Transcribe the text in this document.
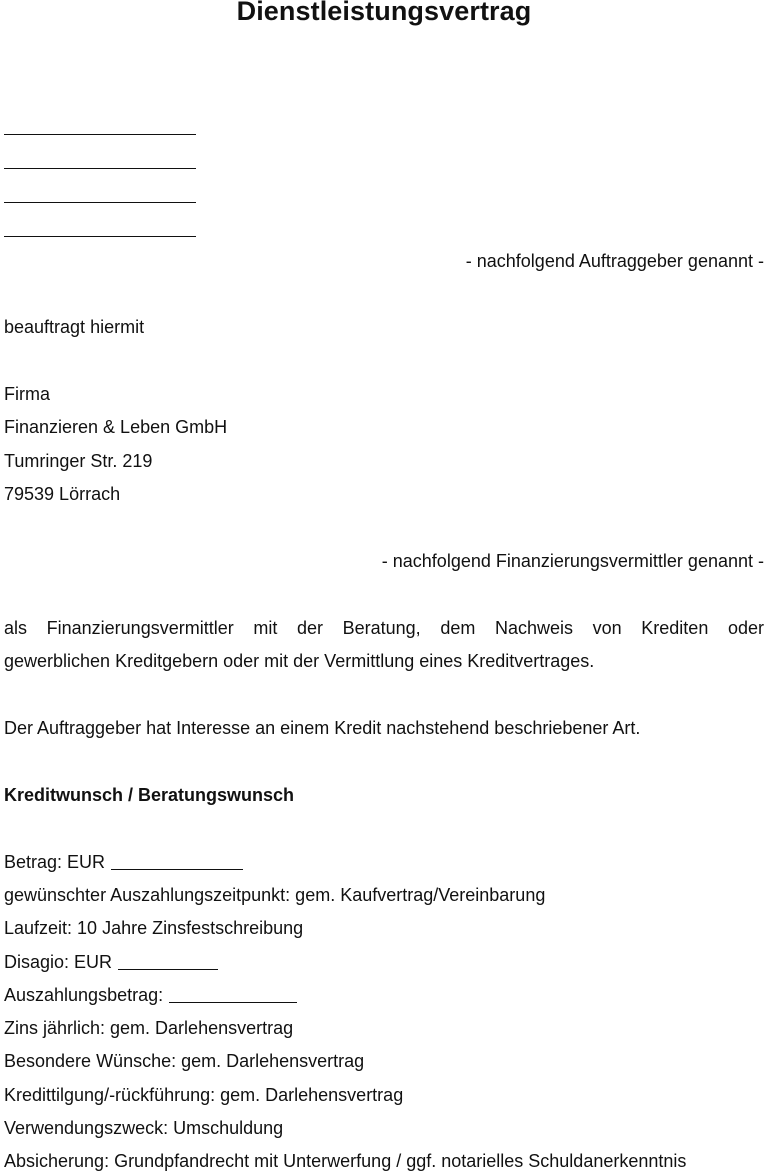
Dienstleistungsvertrag
- nachfolgend Auftraggeber genannt -
beauftragt hiermit
Firma
Finanzieren & Leben GmbH
Tumringer Str. 219
79539 Lörrach
- nachfolgend Finanzierungsvermittler genannt -
als Finanzierungsvermittler mit der Beratung, dem Nachweis von Krediten oder
gewerblichen Kreditgebern oder mit der Vermittlung eines Kreditvertrages.
Der Auftraggeber hat Interesse an einem Kredit nachstehend beschriebener Art.
Kreditwunsch / Beratungswunsch
Betrag: EUR
gewünschter Auszahlungszeitpunkt: gem. Kaufvertrag/Vereinbarung
Laufzeit: 10 Jahre Zinsfestschreibung
Disagio: EUR
Auszahlungsbetrag:
Zins jährlich: gem. Darlehensvertrag
Besondere Wünsche: gem. Darlehensvertrag
Kredittilgung/-rückführung: gem. Darlehensvertrag
Verwendungszweck: Umschuldung
Absicherung: Grundpfandrecht mit Unterwerfung / ggf. notarielles Schuldanerkenntnis
